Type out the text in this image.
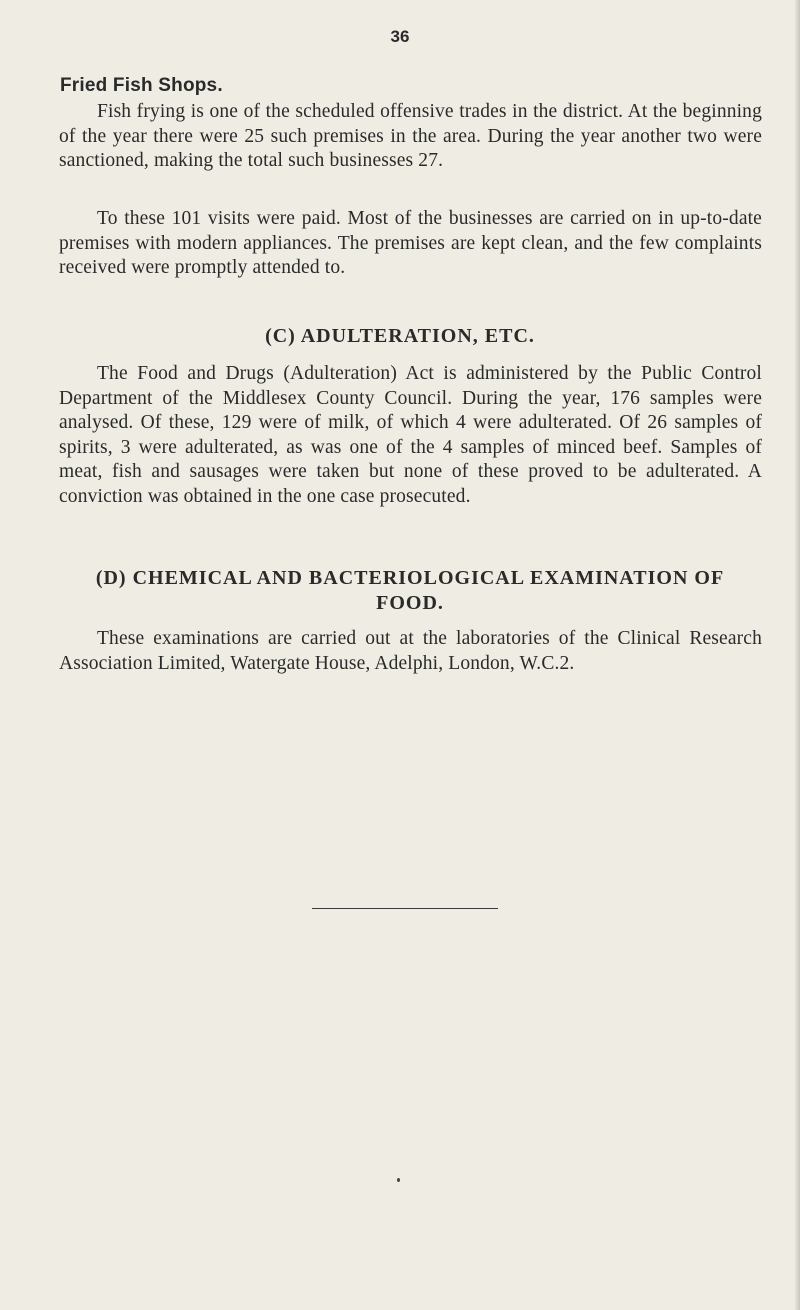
36
Fried Fish Shops.
Fish frying is one of the scheduled offensive trades in the district. At the beginning of the year there were 25 such premises in the area. During the year another two were sanctioned, making the total such businesses 27.
To these 101 visits were paid. Most of the businesses are carried on in up-to-date premises with modern appliances. The premises are kept clean, and the few complaints received were promptly attended to.
(C) ADULTERATION, ETC.
The Food and Drugs (Adulteration) Act is administered by the Public Control Department of the Middlesex County Council. During the year, 176 samples were analysed. Of these, 129 were of milk, of which 4 were adulterated. Of 26 samples of spirits, 3 were adulterated, as was one of the 4 samples of minced beef. Samples of meat, fish and sausages were taken but none of these proved to be adulterated. A conviction was obtained in the one case prosecuted.
(D) CHEMICAL AND BACTERIOLOGICAL EXAMINATION OF FOOD.
These examinations are carried out at the laboratories of the Clinical Research Association Limited, Watergate House, Adelphi, London, W.C.2.
